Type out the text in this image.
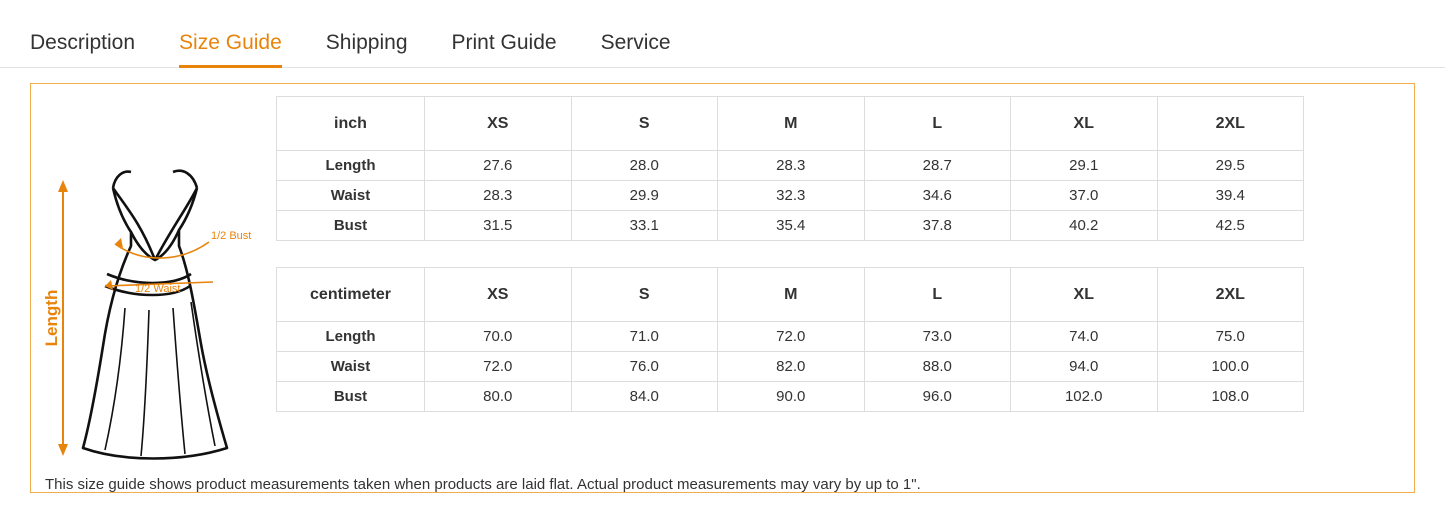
Description	Size Guide	Shipping	Print Guide	Service
Length
1/2 Bust
1/2 Waist
inch	XS	S	M	L	XL	2XL
Length	27.6	28.0	28.3	28.7	29.1	29.5
Waist	28.3	29.9	32.3	34.6	37.0	39.4
Bust	31.5	33.1	35.4	37.8	40.2	42.5
centimeter	XS	S	M	L	XL	2XL
Length	70.0	71.0	72.0	73.0	74.0	75.0
Waist	72.0	76.0	82.0	88.0	94.0	100.0
Bust	80.0	84.0	90.0	96.0	102.0	108.0
This size guide shows product measurements taken when products are laid flat. Actual product measurements may vary by up to 1".
